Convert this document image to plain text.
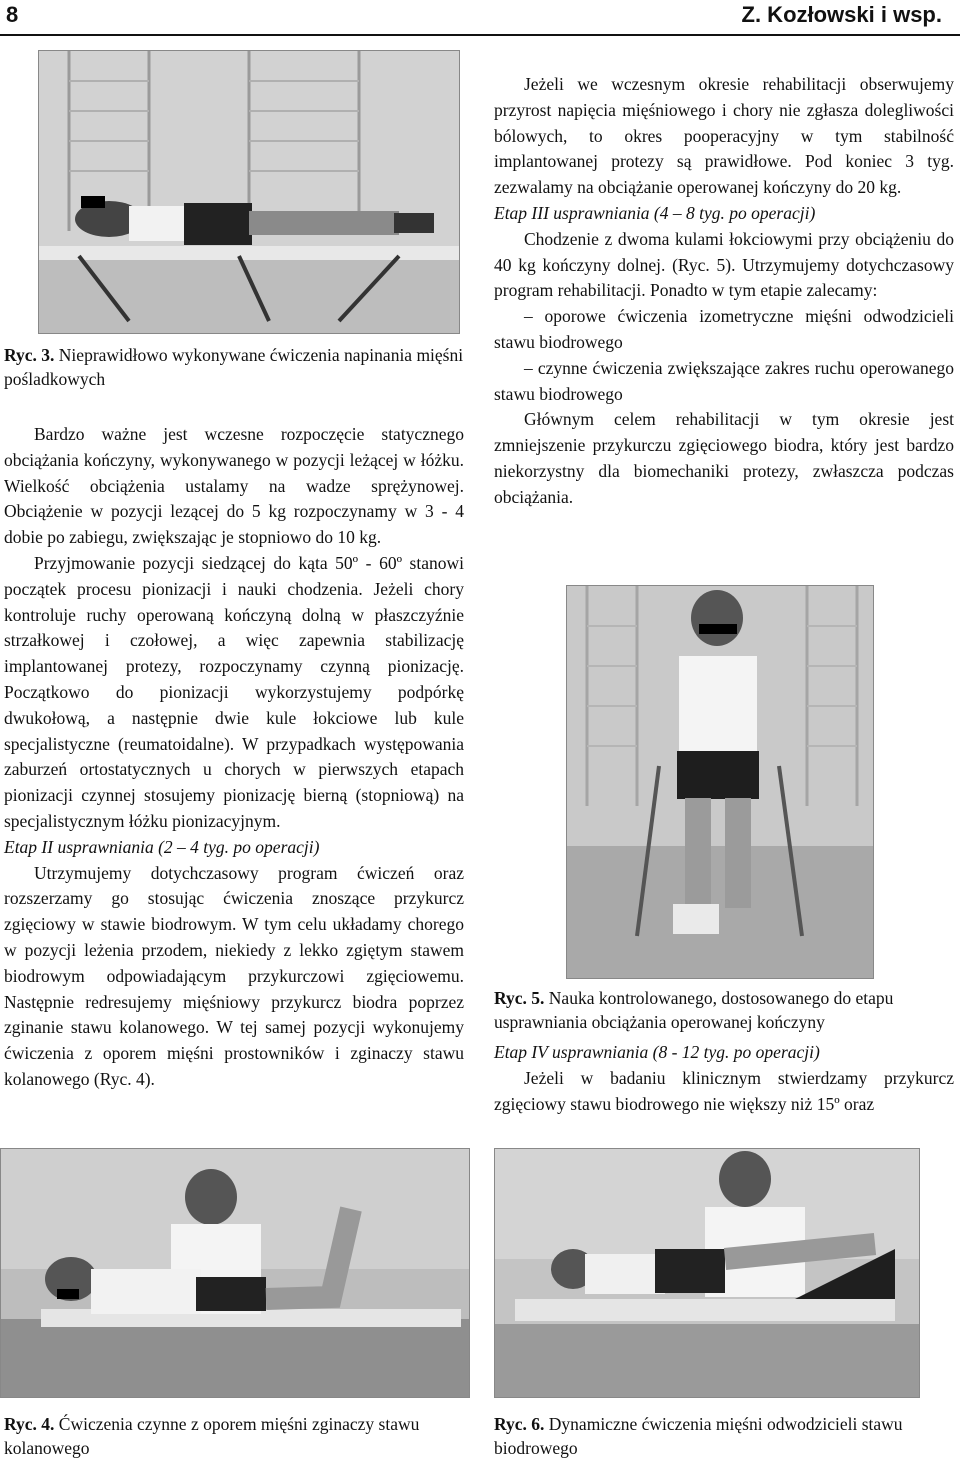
8	Z. Kozłowski i wsp.
Ryc. 3. Nieprawidłowo wykonywane ćwiczenia napinania mięśni pośladkowych

Bardzo ważne jest wczesne rozpoczęcie statycznego obciążania kończyny, wykonywanego w pozycji leżącej w łóżku. Wielkość obciążenia ustalamy na wadze sprężynowej. Obciążenie w pozycji lezącej do 5 kg rozpoczynamy w 3 - 4 dobie po zabiegu, zwiększając je stopniowo do 10 kg.

Przyjmowanie pozycji siedzącej do kąta 50º - 60º stanowi początek procesu pionizacji i nauki chodzenia. Jeżeli chory kontroluje ruchy operowaną kończyną dolną w płaszczyźnie strzałkowej i czołowej, a więc zapewnia stabilizację implantowanej protezy, rozpoczynamy czynną pionizację. Początkowo do pionizacji wykorzystujemy podpórkę dwukołową, a następnie dwie kule łokciowe lub kule specjalistyczne (reumatoidalne). W przypadkach występowania zaburzeń ortostatycznych u chorych w pierwszych etapach pionizacji czynnej stosujemy pionizację bierną (stopniową) na specjalistycznym łóżku pionizacyjnym.

Etap II usprawniania (2 – 4 tyg. po operacji)

Utrzymujemy dotychczasowy program ćwiczeń oraz rozszerzamy go stosując ćwiczenia znoszące przykurcz zgięciowy w stawie biodrowym. W tym celu układamy chorego w pozycji leżenia przodem, niekiedy z lekko zgiętym stawem biodrowym odpowiadającym przykurczowi zgięciowemu. Następnie redresujemy mięśniowy przykurcz biodra poprzez zginanie stawu kolanowego. W tej samej pozycji wykonujemy ćwiczenia z oporem mięśni prostowników i zginaczy stawu kolanowego (Ryc. 4).

Jeżeli we wczesnym okresie rehabilitacji obserwujemy przyrost napięcia mięśniowego i chory nie zgłasza dolegliwości bólowych, to okres pooperacyjny w tym stabilność implantowanej protezy są prawidłowe. Pod koniec 3 tyg. zezwalamy na obciążanie operowanej kończyny do 20 kg.

Etap III usprawniania (4 – 8 tyg. po operacji)

Chodzenie z dwoma kulami łokciowymi przy obciążeniu do 40 kg kończyny dolnej. (Ryc. 5). Utrzymujemy dotychczasowy program rehabilitacji. Ponadto w tym etapie zalecamy:

– oporowe ćwiczenia izometryczne mięśni odwodzicieli stawu biodrowego

– czynne ćwiczenia zwiększające zakres ruchu operowanego stawu biodrowego

Głównym celem rehabilitacji w tym okresie jest zmniejszenie przykurczu zgięciowego biodra, który jest bardzo niekorzystny dla biomechaniki protezy, zwłaszcza podczas obciążania.

Ryc. 5. Nauka kontrolowanego, dostosowanego do etapu usprawniania obciążania operowanej kończyny

Etap IV usprawniania (8 - 12 tyg. po operacji)

Jeżeli w badaniu klinicznym stwierdzamy przykurcz zgięciowy stawu biodrowego nie większy niż 15º oraz

Ryc. 4. Ćwiczenia czynne z oporem mięśni zginaczy stawu kolanowego
Ryc. 6. Dynamiczne ćwiczenia mięśni odwodzicieli stawu biodrowego
